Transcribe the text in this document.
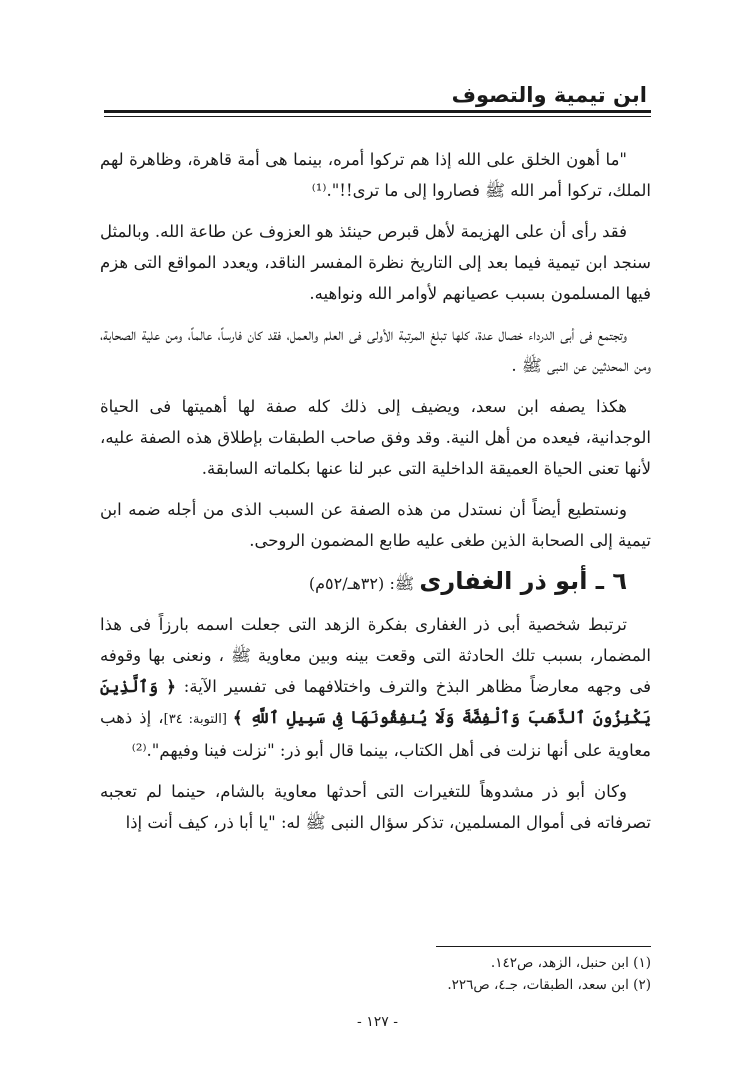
ابن تيمية والتصوف

"ما أهون الخلق على الله إذا هم تركوا أمره، بينما هى أمة قاهرة، وظاهرة لهم الملك، تركوا أمر الله ﷺ فصاروا إلى ما ترى!!".⁽¹⁾

فقد رأى أن على الهزيمة لأهل قبرص حينئذ هو العزوف عن طاعة الله. وبالمثل سنجد ابن تيمية فيما بعد إلى التاريخ نظرة المفسر الناقد، ويعدد المواقع التى هزم فيها المسلمون بسبب عصيانهم لأوامر الله ونواهيه.

وتجتمع فى أبى الدرداء خصال عدة، كلها تبلغ المرتبة الأولى فى العلم والعمل، فقد كان فارساً، عالماً، ومن علية الصحابة، ومن المحدثين عن النبى ﷺ .

هكذا يصفه ابن سعد، ويضيف إلى ذلك كله صفة لها أهميتها فى الحياة الوجدانية، فيعده من أهل النية. وقد وفق صاحب الطبقات بإطلاق هذه الصفة عليه، لأنها تعنى الحياة العميقة الداخلية التى عبر لنا عنها بكلماته السابقة.

ونستطيع أيضاً أن نستدل من هذه الصفة عن السبب الذى من أجله ضمه ابن تيمية إلى الصحابة الذين طغى عليه طابع المضمون الروحى.

٦ ـ أبو ذر الغفارى ﷺ: (٣٢هـ/٥٢م)

ترتبط شخصية أبى ذر الغفارى بفكرة الزهد التى جعلت اسمه بارزاً فى هذا المضمار، بسبب تلك الحادثة التى وقعت بينه وبين معاوية ﷺ ، ونعنى بها وقوفه فى وجهه معارضاً مظاهر البذخ والترف واختلافهما فى تفسير الآية: ﴿ وَٱلَّذِينَ يَكْنِزُونَ ٱلذَّهَبَ وَٱلْفِضَّةَ وَلَا يُنفِقُونَهَا فِى سَبِيلِ ٱللَّهِ ﴾ [التوبة: ٣٤]، إذ ذهب معاوية على أنها نزلت فى أهل الكتاب، بينما قال أبو ذر: "نزلت فينا وفيهم".⁽²⁾

وكان أبو ذر مشدوهاً للتغيرات التى أحدثها معاوية بالشام، حينما لم تعجبه تصرفاته فى أموال المسلمين، تذكر سؤال النبى ﷺ له: "يا أبا ذر، كيف أنت إذا

(١) ابن حنبل، الزهد، ص١٤٢.
(٢) ابن سعد، الطبقات، جـ٤، ص٢٢٦.
- ١٢٧ -
